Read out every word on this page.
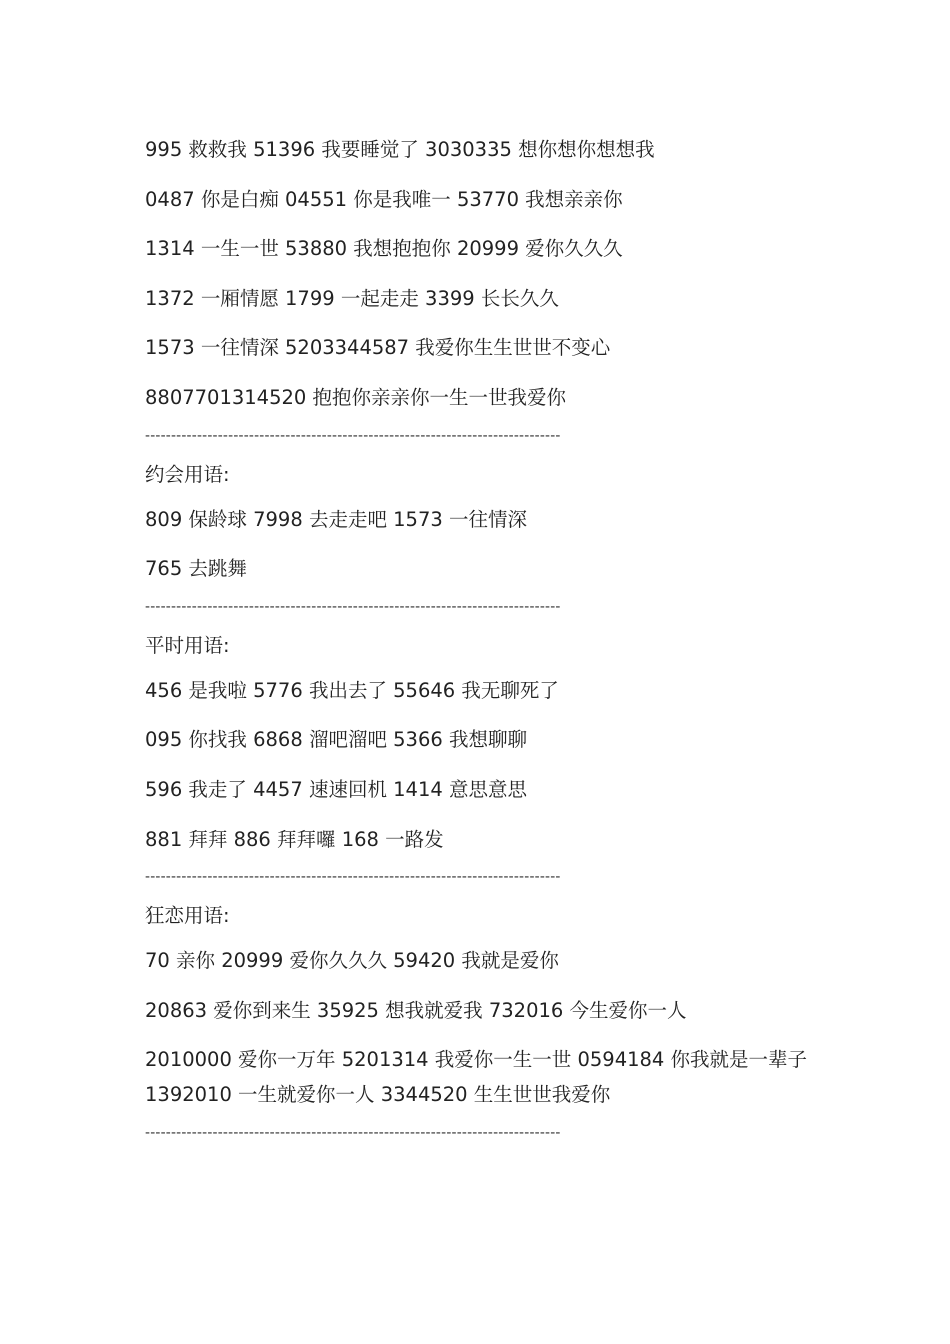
995 救救我 51396 我要睡觉了 3030335 想你想你想想我
0487 你是白痴 04551 你是我唯一 53770 我想亲亲你
1314 一生一世 53880 我想抱抱你 20999 爱你久久久
1372 一厢情愿 1799 一起走走 3399 长长久久
1573 一往情深 5203344587 我爱你生生世世不变心
8807701314520 抱抱你亲亲你一生一世我爱你
--------------------------------------------------------------------------------
约会用语:
809 保龄球 7998 去走走吧 1573 一往情深
765 去跳舞
--------------------------------------------------------------------------------
平时用语:
456 是我啦 5776 我出去了 55646 我无聊死了
095 你找我 6868 溜吧溜吧 5366 我想聊聊
596 我走了 4457 速速回机 1414 意思意思
881 拜拜 886 拜拜囉 168 一路发
--------------------------------------------------------------------------------
狂恋用语:
70 亲你 20999 爱你久久久 59420 我就是爱你
20863 爱你到来生 35925 想我就爱我 732016 今生爱你一人
2010000 爱你一万年 5201314 我爱你一生一世 0594184 你我就是一辈子
1392010 一生就爱你一人 3344520 生生世世我爱你
--------------------------------------------------------------------------------
